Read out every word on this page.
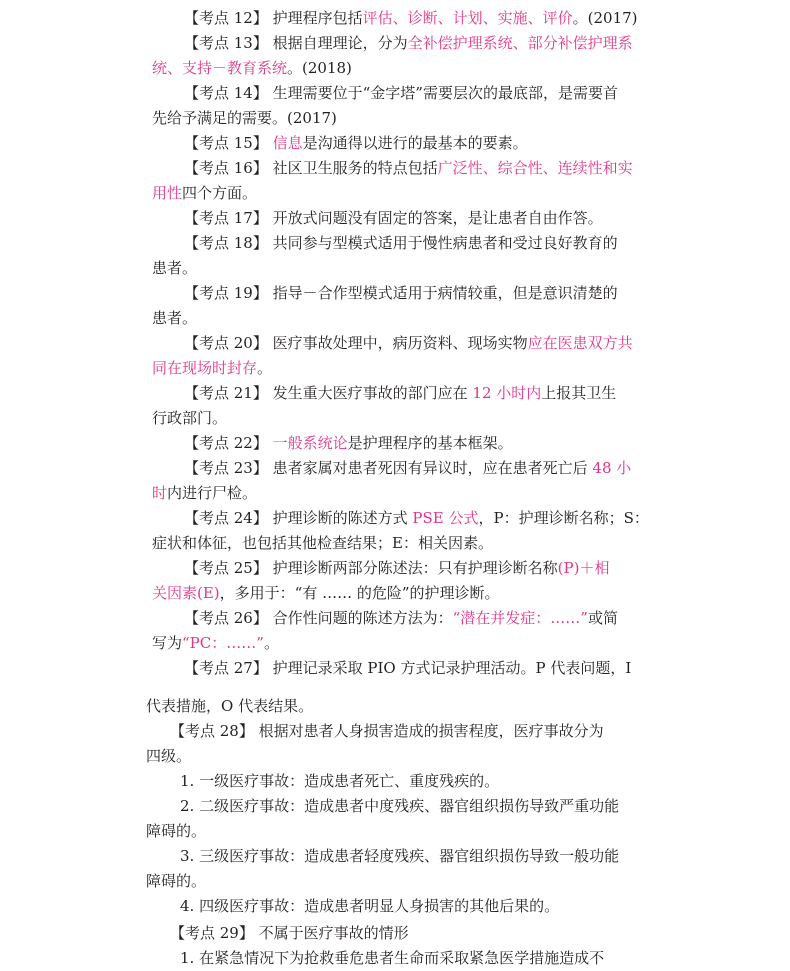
【考点 12】 护理程序包括评估、诊断、计划、实施、评价。(2017)
【考点 13】 根据自理理论，分为全补偿护理系统、部分补偿护理系
统、支持－教育系统。(2018)
【考点 14】 生理需要位于“金字塔”需要层次的最底部，是需要首
先给予满足的需要。(2017)
【考点 15】 信息是沟通得以进行的最基本的要素。
【考点 16】 社区卫生服务的特点包括广泛性、综合性、连续性和实
用性四个方面。
【考点 17】 开放式问题没有固定的答案，是让患者自由作答。
【考点 18】 共同参与型模式适用于慢性病患者和受过良好教育的
患者。
【考点 19】 指导－合作型模式适用于病情较重，但是意识清楚的
患者。
【考点 20】 医疗事故处理中，病历资料、现场实物应在医患双方共
同在现场时封存。
【考点 21】 发生重大医疗事故的部门应在 12 小时内上报其卫生
行政部门。
【考点 22】 一般系统论是护理程序的基本框架。
【考点 23】 患者家属对患者死因有异议时，应在患者死亡后 48 小
时内进行尸检。
【考点 24】 护理诊断的陈述方式 PSE 公式，P：护理诊断名称；S：
症状和体征，也包括其他检查结果；E：相关因素。
【考点 25】 护理诊断两部分陈述法：只有护理诊断名称(P)＋相
关因素(E)，多用于：“有 …… 的危险”的护理诊断。
【考点 26】 合作性问题的陈述方法为：“潜在并发症：……”或简
写为“PC：……”。
【考点 27】 护理记录采取 PIO 方式记录护理活动。P 代表问题，I
代表措施，O 代表结果。
【考点 28】 根据对患者人身损害造成的损害程度，医疗事故分为
四级。
1. 一级医疗事故：造成患者死亡、重度残疾的。
2. 二级医疗事故：造成患者中度残疾、器官组织损伤导致严重功能
障碍的。
3. 三级医疗事故：造成患者轻度残疾、器官组织损伤导致一般功能
障碍的。
4. 四级医疗事故：造成患者明显人身损害的其他后果的。
【考点 29】 不属于医疗事故的情形
1. 在紧急情况下为抢救垂危患者生命而采取紧急医学措施造成不
